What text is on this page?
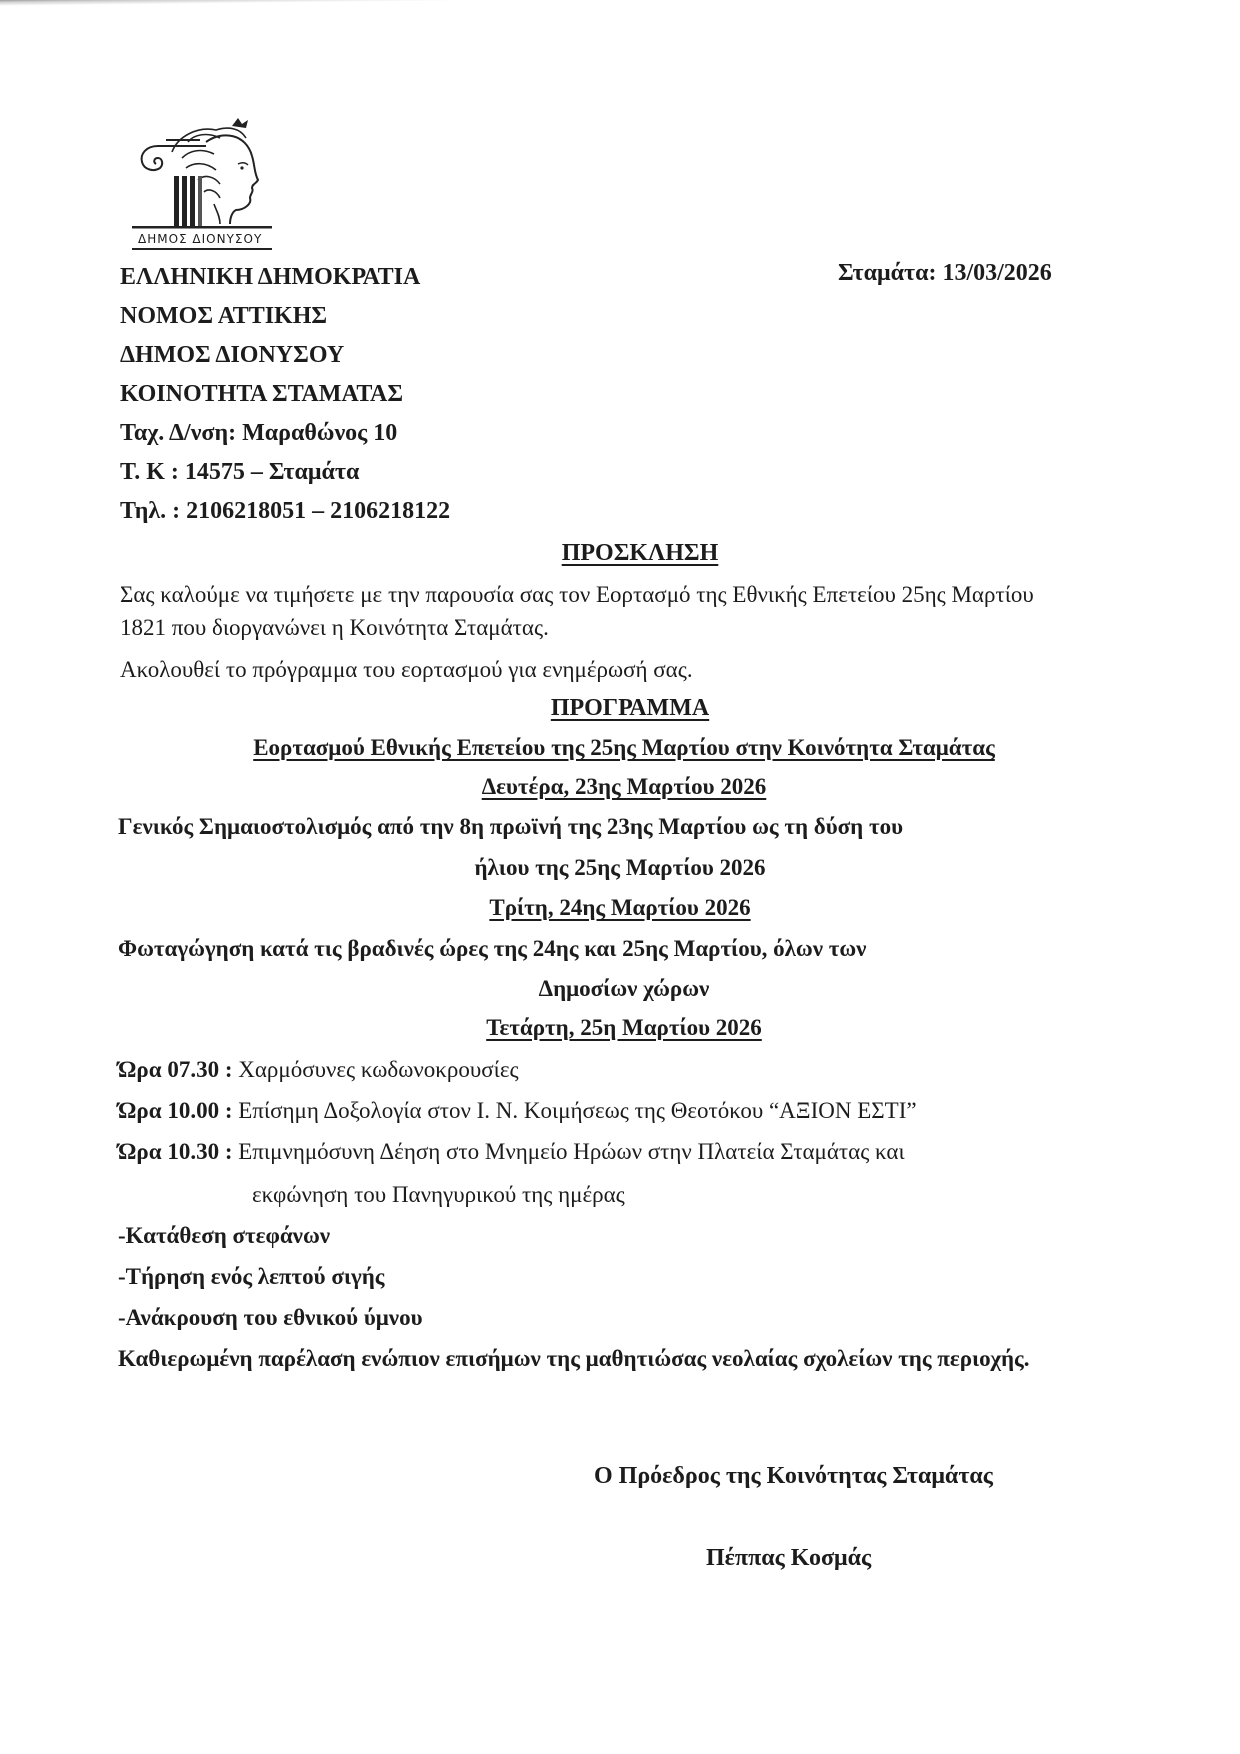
ΔΗΜΟΣ ΔΙΟΝΥΣΟΥ
ΕΛΛΗΝΙΚΗ ΔΗΜΟΚΡΑΤΙΑ
ΝΟΜΟΣ ΑΤΤΙΚΗΣ
ΔΗΜΟΣ ΔΙΟΝΥΣΟΥ
ΚΟΙΝΟΤΗΤΑ ΣΤΑΜΑΤΑΣ
Ταχ. Δ/νση: Μαραθώνος 10
Τ. Κ : 14575 – Σταμάτα
Τηλ. : 2106218051 – 2106218122
Σταμάτα: 13/03/2026
ΠΡΟΣΚΛΗΣΗ
Σας καλούμε να τιμήσετε με την παρουσία σας τον Εορτασμό της Εθνικής Επετείου 25ης Μαρτίου
1821 που διοργανώνει η Κοινότητα Σταμάτας.
Ακολουθεί το πρόγραμμα του εορτασμού για ενημέρωσή σας.
ΠΡΟΓΡΑΜΜΑ
Εορτασμού Εθνικής Επετείου της 25ης Μαρτίου στην Κοινότητα Σταμάτας
Δευτέρα, 23ης Μαρτίου 2026
Γενικός Σημαιοστολισμός από την 8η πρωϊνή της 23ης Μαρτίου ως τη δύση του
ήλιου της 25ης Μαρτίου 2026
Τρίτη, 24ης Μαρτίου 2026
Φωταγώγηση κατά τις βραδινές ώρες της 24ης και 25ης Μαρτίου, όλων των
Δημοσίων χώρων
Τετάρτη, 25η Μαρτίου 2026
Ώρα 07.30 : Χαρμόσυνες κωδωνοκρουσίες
Ώρα 10.00 : Επίσημη Δοξολογία στον Ι. Ν. Κοιμήσεως της Θεοτόκου “ΑΞΙΟΝ ΕΣΤΙ”
Ώρα 10.30 : Επιμνημόσυνη Δέηση στο Μνημείο Ηρώων στην Πλατεία Σταμάτας και
εκφώνηση του Πανηγυρικού της ημέρας
-Κατάθεση στεφάνων
-Τήρηση ενός λεπτού σιγής
-Ανάκρουση του εθνικού ύμνου
Καθιερωμένη παρέλαση ενώπιον επισήμων της μαθητιώσας νεολαίας σχολείων της περιοχής.
Ο Πρόεδρος της Κοινότητας Σταμάτας
Πέππας Κοσμάς
